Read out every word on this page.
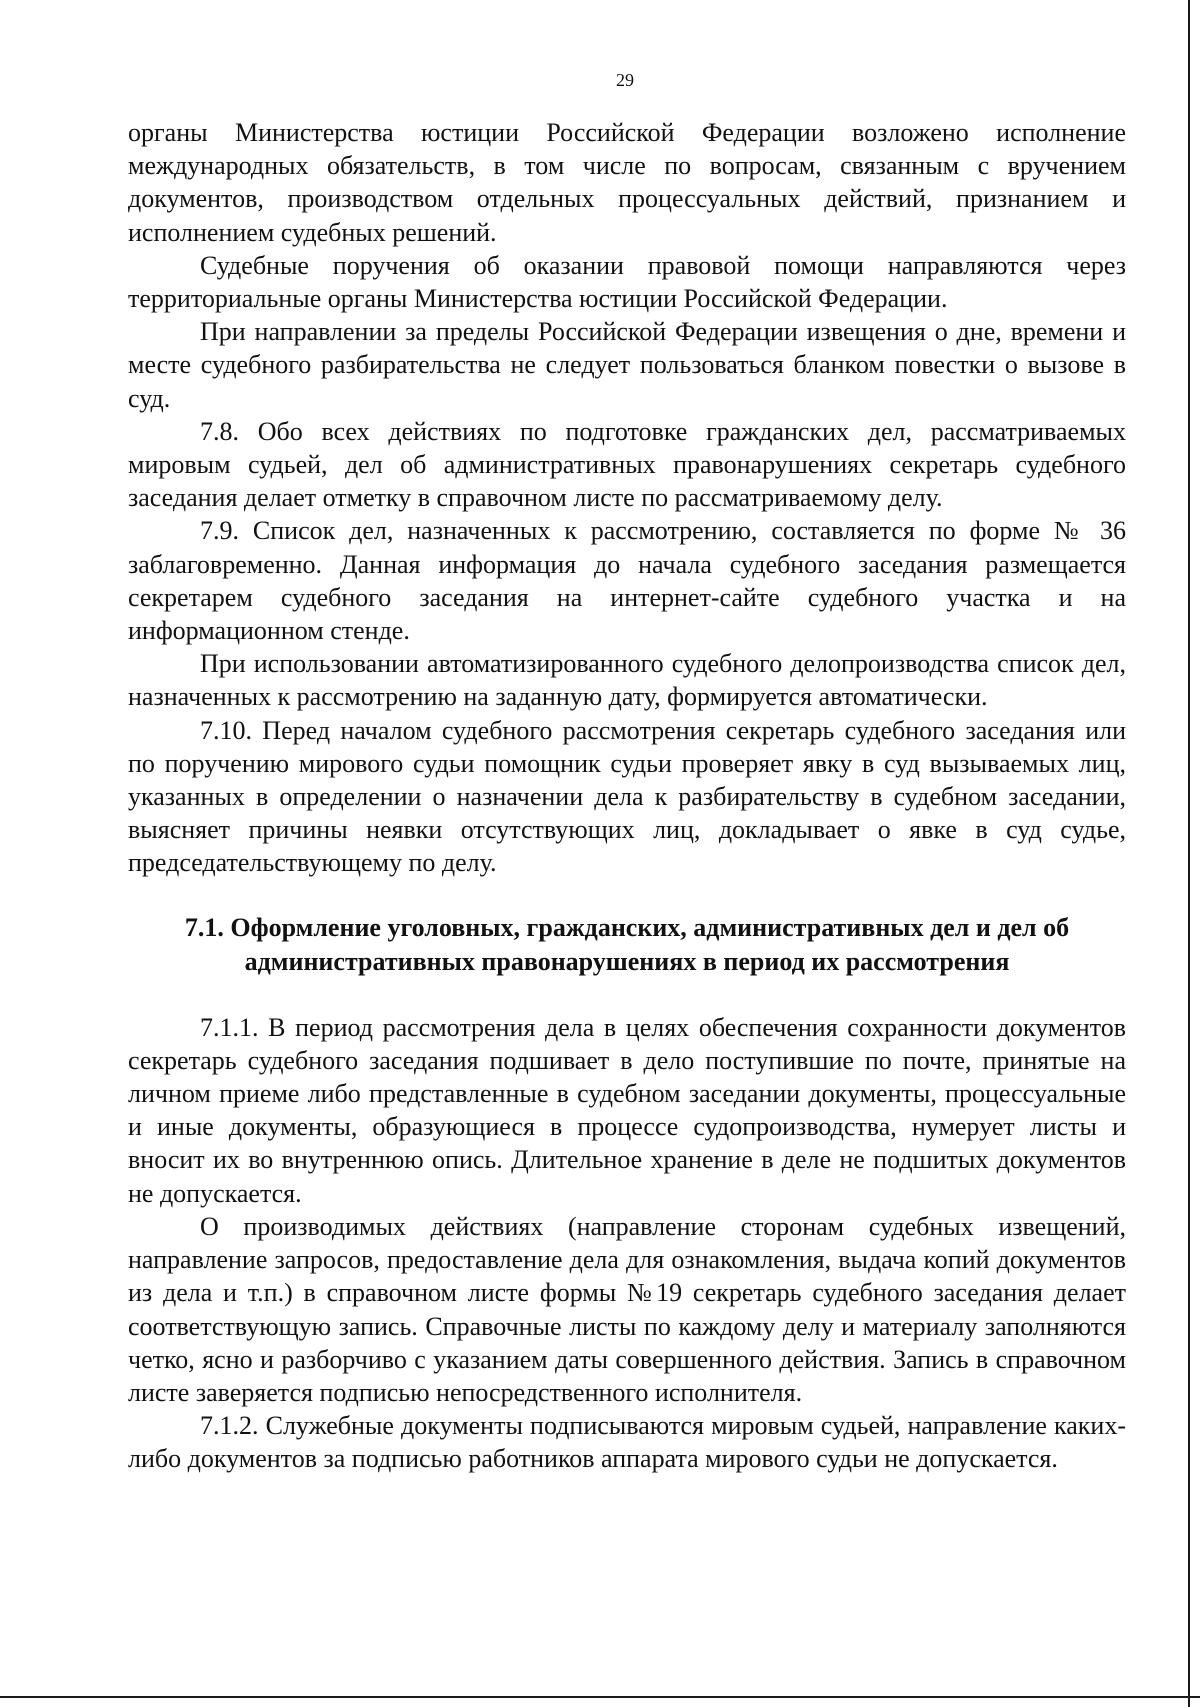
29

органы Министерства юстиции Российской Федерации возложено исполнение международных обязательств, в том числе по вопросам, связанным с вручением документов, производством отдельных процессуальных действий, признанием и исполнением судебных решений.

Судебные поручения об оказании правовой помощи направляются через территориальные органы Министерства юстиции Российской Федерации.

При направлении за пределы Российской Федерации извещения о дне, времени и месте судебного разбирательства не следует пользоваться бланком повестки о вызове в суд.

7.8. Обо всех действиях по подготовке гражданских дел, рассматриваемых мировым судьей, дел об административных правонарушениях секретарь судебного заседания делает отметку в справочном листе по рассматриваемому делу.

7.9. Список дел, назначенных к рассмотрению, составляется по форме № 36 заблаговременно. Данная информация до начала судебного заседания размещается секретарем судебного заседания на интернет-сайте судебного участка и на информационном стенде.

При использовании автоматизированного судебного делопроизводства список дел, назначенных к рассмотрению на заданную дату, формируется автоматически.

7.10. Перед началом судебного рассмотрения секретарь судебного заседания или по поручению мирового судьи помощник судьи проверяет явку в суд вызываемых лиц, указанных в определении о назначении дела к разбирательству в судебном заседании, выясняет причины неявки отсутствующих лиц, докладывает о явке в суд судье, председательствующему по делу.

7.1. Оформление уголовных, гражданских, административных дел и дел об административных правонарушениях в период их рассмотрения

7.1.1. В период рассмотрения дела в целях обеспечения сохранности документов секретарь судебного заседания подшивает в дело поступившие по почте, принятые на личном приеме либо представленные в судебном заседании документы, процессуальные и иные документы, образующиеся в процессе судопроизводства, нумерует листы и вносит их во внутреннюю опись. Длительное хранение в деле не подшитых документов не допускается.

О производимых действиях (направление сторонам судебных извещений, направление запросов, предоставление дела для ознакомления, выдача копий документов из дела и т.п.) в справочном листе формы №19 секретарь судебного заседания делает соответствующую запись. Справочные листы по каждому делу и материалу заполняются четко, ясно и разборчиво с указанием даты совершенного действия. Запись в справочном листе заверяется подписью непосредственного исполнителя.

7.1.2. Служебные документы подписываются мировым судьей, направление каких-либо документов за подписью работников аппарата мирового судьи не допускается.
